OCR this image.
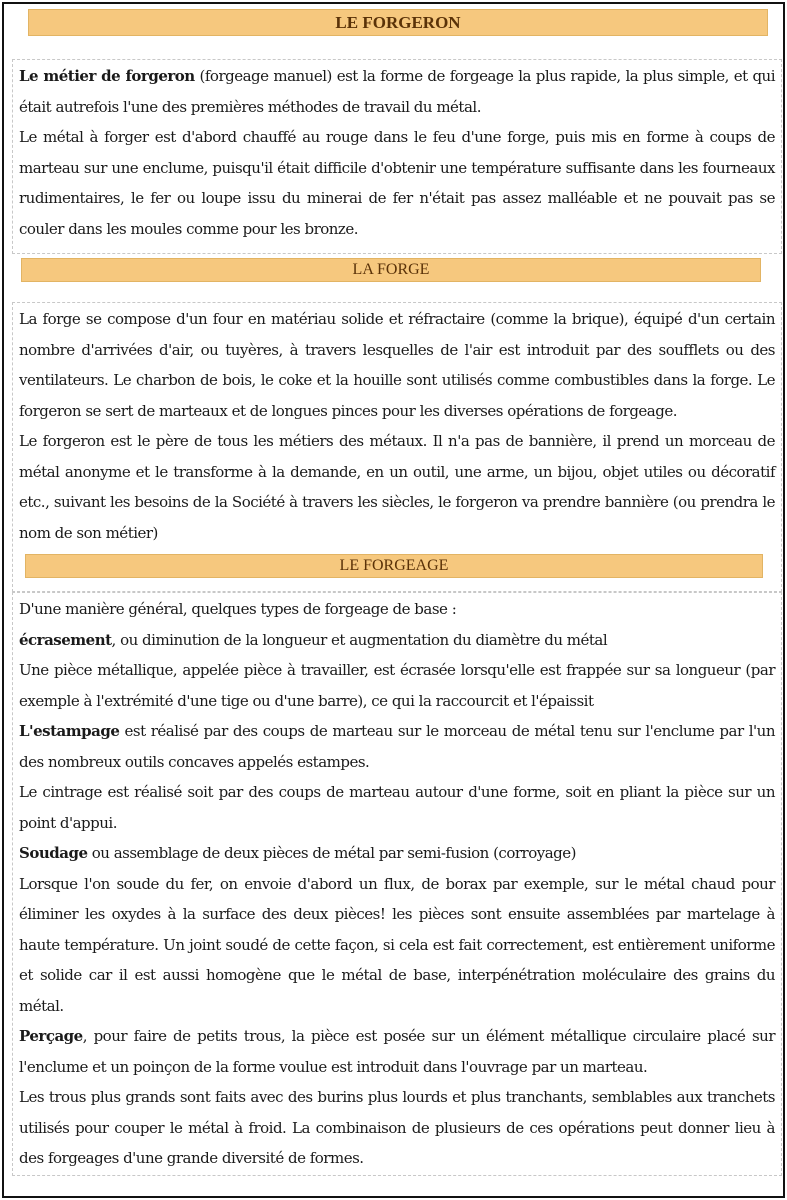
LE FORGERON

Le métier de forgeron (forgeage manuel) est la forme de forgeage la plus rapide, la plus simple, et qui était autrefois l'une des premières méthodes de travail du métal.

Le métal à forger est d'abord chauffé au rouge dans le feu d'une forge, puis mis en forme à coups de marteau sur une enclume, puisqu'il était difficile d'obtenir une température suffisante dans les fourneaux rudimentaires, le fer ou loupe issu du minerai de fer n'était pas assez malléable et ne pouvait pas se couler dans les moules comme pour les bronze.

LA FORGE

La forge se compose d'un four en matériau solide et réfractaire (comme la brique), équipé d'un certain nombre d'arrivées d'air, ou tuyères, à travers lesquelles de l'air est introduit par des soufflets ou des ventilateurs. Le charbon de bois, le coke et la houille sont utilisés comme combustibles dans la forge. Le forgeron se sert de marteaux et de longues pinces pour les diverses opérations de forgeage.

Le forgeron est le père de tous les métiers des métaux. Il n'a pas de bannière, il prend un morceau de métal anonyme et le transforme à la demande, en un outil, une arme, un bijou, objet utiles ou décoratif etc., suivant les besoins de la Société à travers les siècles, le forgeron va prendre bannière (ou prendra le nom de son métier)

LE FORGEAGE

D'une manière général, quelques types de forgeage de base :

écrasement, ou diminution de la longueur et augmentation du diamètre du métal

Une pièce métallique, appelée pièce à travailler, est écrasée lorsqu'elle est frappée sur sa longueur (par exemple à l'extrémité d'une tige ou d'une barre), ce qui la raccourcit et l'épaissit

L'estampage est réalisé par des coups de marteau sur le morceau de métal tenu sur l'enclume par l'un des nombreux outils concaves appelés estampes.

Le cintrage est réalisé soit par des coups de marteau autour d'une forme, soit en pliant la pièce sur un point d'appui.

Soudage ou assemblage de deux pièces de métal par semi-fusion (corroyage)

Lorsque l'on soude du fer, on envoie d'abord un flux, de borax par exemple, sur le métal chaud pour éliminer les oxydes à la surface des deux pièces! les pièces sont ensuite assemblées par martelage à haute température. Un joint soudé de cette façon, si cela est fait correctement, est entièrement uniforme et solide car il est aussi homogène que le métal de base, interpénétration moléculaire des grains du métal.

Perçage, pour faire de petits trous, la pièce est posée sur un élément métallique circulaire placé sur l'enclume et un poinçon de la forme voulue est introduit dans l'ouvrage par un marteau.

Les trous plus grands sont faits avec des burins plus lourds et plus tranchants, semblables aux tranchets utilisés pour couper le métal à froid. La combinaison de plusieurs de ces opérations peut donner lieu à des forgeages d'une grande diversité de formes.
